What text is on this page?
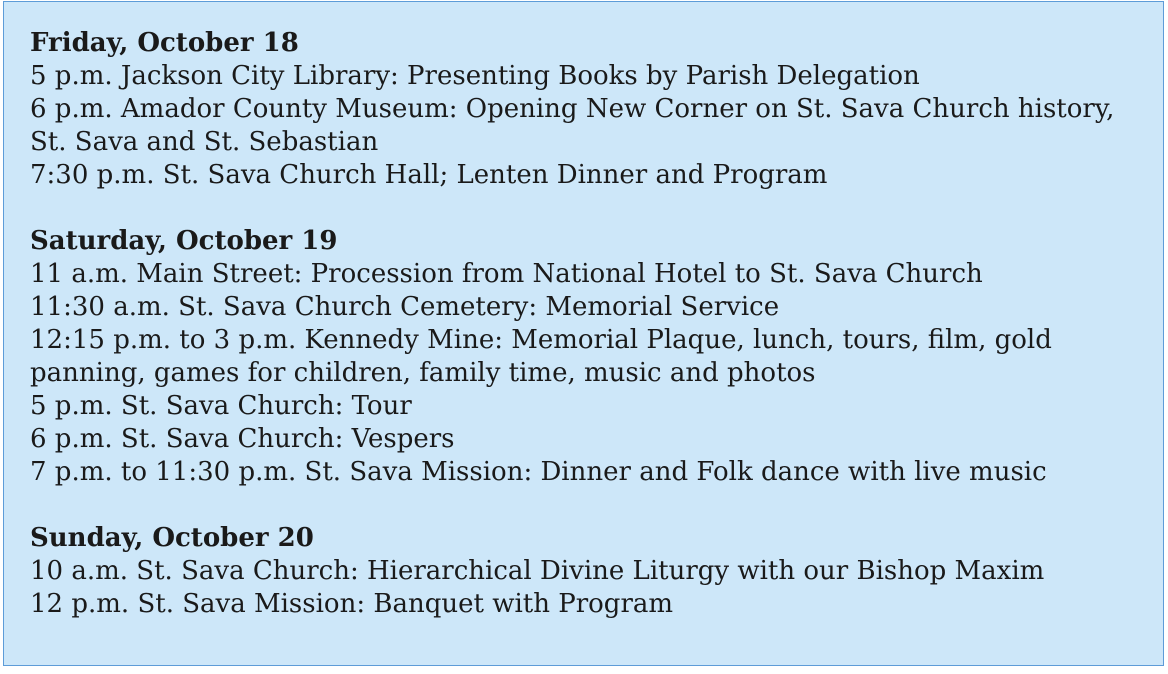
Friday, October 18
5 p.m. Jackson City Library: Presenting Books by Parish Delegation
6 p.m. Amador County Museum: Opening New Corner on St. Sava Church history, St. Sava and St. Sebastian
7:30 p.m. St. Sava Church Hall; Lenten Dinner and Program
Saturday, October 19
11 a.m. Main Street: Procession from National Hotel to St. Sava Church
11:30 a.m. St. Sava Church Cemetery: Memorial Service
12:15 p.m. to 3 p.m. Kennedy Mine: Memorial Plaque, lunch, tours, film, gold panning, games for children, family time, music and photos
5 p.m. St. Sava Church: Tour
6 p.m. St. Sava Church: Vespers
7 p.m. to 11:30 p.m. St. Sava Mission: Dinner and Folk dance with live music
Sunday, October 20
10 a.m. St. Sava Church: Hierarchical Divine Liturgy with our Bishop Maxim
12 p.m. St. Sava Mission: Banquet with Program
